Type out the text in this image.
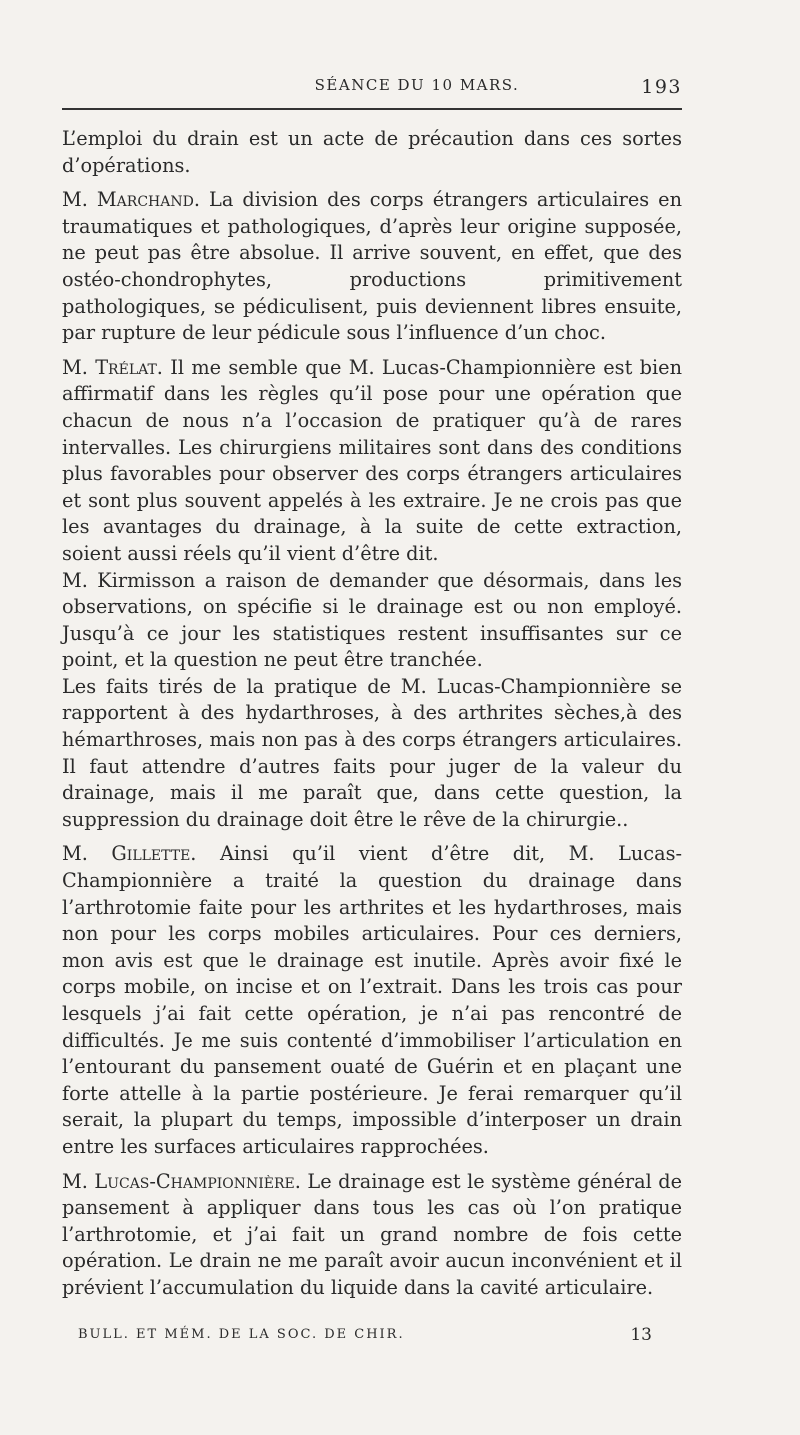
SÉANCE DU 10 MARS.	193

L’emploi du drain est un acte de précaution dans ces sortes d’opérations.

M. Marchand. La division des corps étrangers articulaires en traumatiques et pathologiques, d’après leur origine supposée, ne peut pas être absolue. Il arrive souvent, en effet, que des ostéo-chondrophytes, productions primitivement pathologiques, se pédiculisent, puis deviennent libres ensuite, par rupture de leur pédicule sous l’influence d’un choc.

M. Trélat. Il me semble que M. Lucas-Championnière est bien affirmatif dans les règles qu’il pose pour une opération que chacun de nous n’a l’occasion de pratiquer qu’à de rares intervalles. Les chirurgiens militaires sont dans des conditions plus favorables pour observer des corps étrangers articulaires et sont plus souvent appelés à les extraire. Je ne crois pas que les avantages du drainage, à la suite de cette extraction, soient aussi réels qu’il vient d’être dit.

M. Kirmisson a raison de demander que désormais, dans les observations, on spécifie si le drainage est ou non employé. Jusqu’à ce jour les statistiques restent insuffisantes sur ce point, et la question ne peut être tranchée.

Les faits tirés de la pratique de M. Lucas-Championnière se rapportent à des hydarthroses, à des arthrites sèches,à des hémarthroses, mais non pas à des corps étrangers articulaires. Il faut attendre d’autres faits pour juger de la valeur du drainage, mais il me paraît que, dans cette question, la suppression du drainage doit être le rêve de la chirurgie..

M. Gillette. Ainsi qu’il vient d’être dit, M. Lucas-Championnière a traité la question du drainage dans l’arthrotomie faite pour les arthrites et les hydarthroses, mais non pour les corps mobiles articulaires. Pour ces derniers, mon avis est que le drainage est inutile. Après avoir fixé le corps mobile, on incise et on l’extrait. Dans les trois cas pour lesquels j’ai fait cette opération, je n’ai pas rencontré de difficultés. Je me suis contenté d’immobiliser l’articulation en l’entourant du pansement ouaté de Guérin et en plaçant une forte attelle à la partie postérieure. Je ferai remarquer qu’il serait, la plupart du temps, impossible d’interposer un drain entre les surfaces articulaires rapprochées.

M. Lucas-Championnière. Le drainage est le système général de pansement à appliquer dans tous les cas où l’on pratique l’arthrotomie, et j’ai fait un grand nombre de fois cette opération. Le drain ne me paraît avoir aucun inconvénient et il prévient l’accumulation du liquide dans la cavité articulaire.

BULL. ET MÉM. DE LA SOC. DE CHIR.	13
